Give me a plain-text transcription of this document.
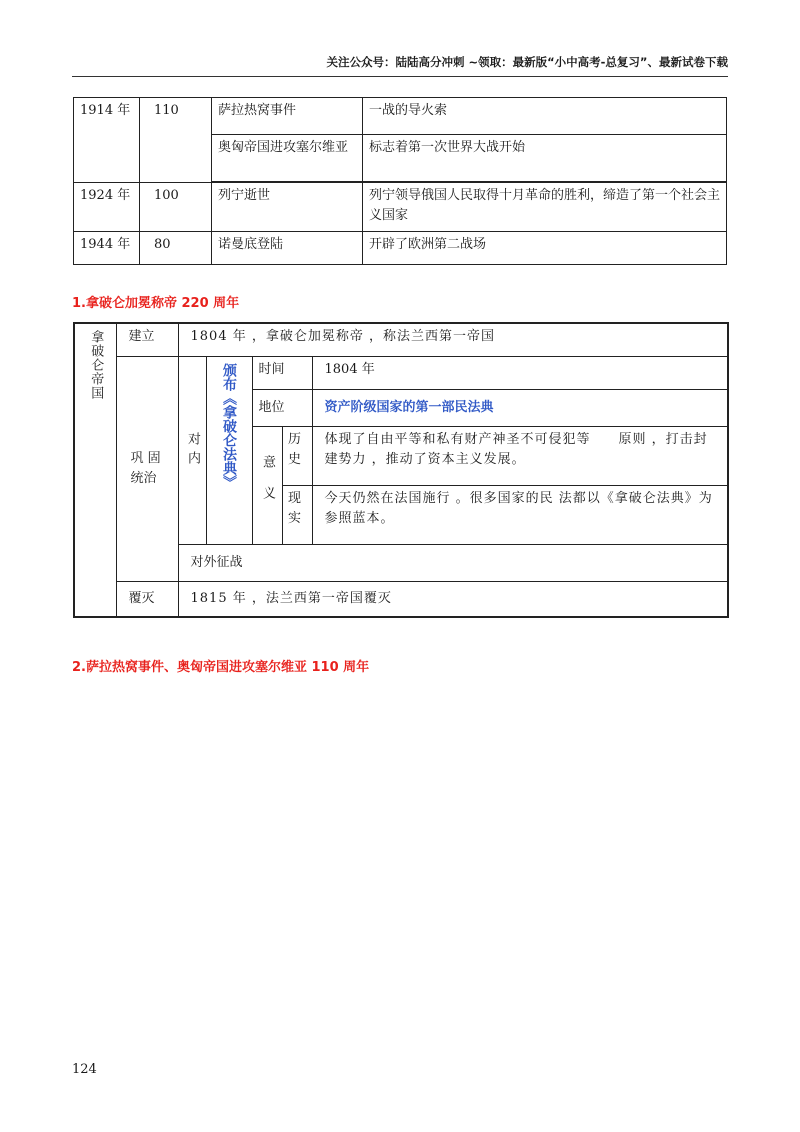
关注公众号：陆陆高分冲刺 ~领取：最新版“小中高考-总复习”、最新试卷下载
1914 年	110	萨拉热窝事件	一战的导火索
		奥匈帝国进攻塞尔维亚	标志着第一次世界大战开始
1924 年	100	列宁逝世	列宁领导俄国人民取得十月革命的胜利，缔造了第一个社会主义国家
1944 年	80	诺曼底登陆	开辟了欧洲第二战场
1.拿破仑加冕称帝 220 周年
拿破仑帝国	建立	1804 年 ，拿破仑加冕称帝 ，称法兰西第一帝国				
	巩 固统治	对内	颁布《拿破仑法典》	时间		1804 年
				地位		资产阶级国家的第一部民法典

				意义	历史	体现了自由平等和私有财产神圣不可侵犯等　　原则 ，打击封建势力 ，推动了资本主义发展。

					现实	今天仍然在法国施行 。很多国家的民 法都以《拿破仑法典》为参照蓝本。
		对外征战				
	覆灭	1815 年 ，法兰西第一帝国覆灭				
2.萨拉热窝事件、奥匈帝国进攻塞尔维亚 110 周年
124
